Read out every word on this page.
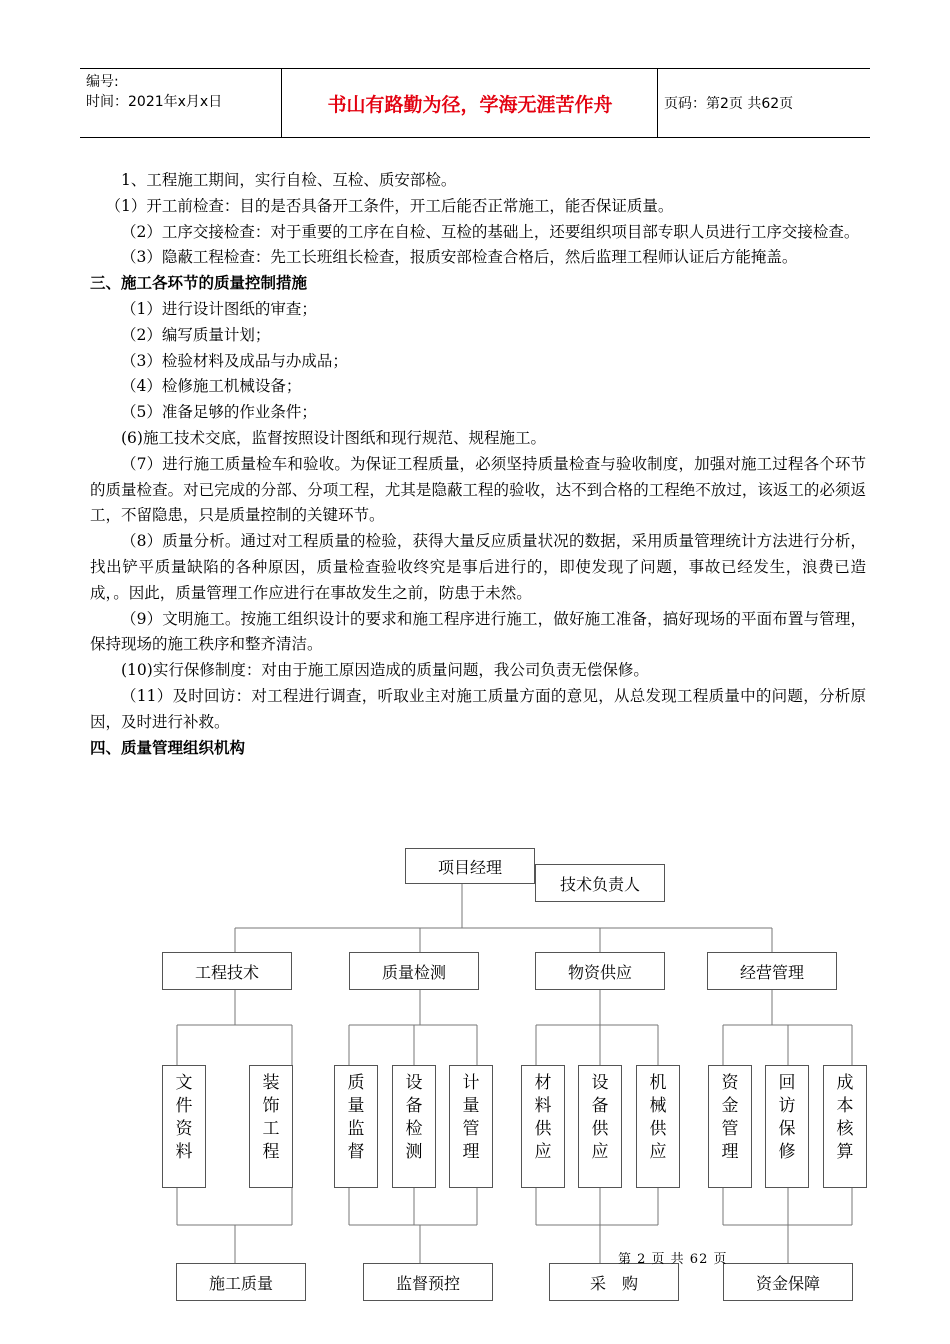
编号:
时间：2021年x月x日	书山有路勤为径，学海无涯苦作舟	页码：第2页 共62页

1、工程施工期间，实行自检、互检、质安部检。

（1）开工前检查：目的是否具备开工条件，开工后能否正常施工，能否保证质量。

（2）工序交接检查：对于重要的工序在自检、互检的基础上，还要组织项目部专职人员进行工序交接检查。

（3）隐蔽工程检查：先工长班组长检查，报质安部检查合格后，然后监理工程师认证后方能掩盖。

三、施工各环节的质量控制措施

（1）进行设计图纸的审查；

（2）编写质量计划；

（3）检验材料及成品与办成品；

（4）检修施工机械设备；

（5）准备足够的作业条件；

(6)施工技术交底，监督按照设计图纸和现行规范、规程施工。

（7）进行施工质量检车和验收。为保证工程质量，必须坚持质量检查与验收制度，加强对施工过程各个环节的质量检查。对已完成的分部、分项工程，尤其是隐蔽工程的验收，达不到合格的工程绝不放过，该返工的必须返工，不留隐患，只是质量控制的关键环节。

（8）质量分析。通过对工程质量的检验，获得大量反应质量状况的数据，采用质量管理统计方法进行分析，找出铲平质量缺陷的各种原因，质量检查验收终究是事后进行的，即使发现了问题，事故已经发生，浪费已造成，。因此，质量管理工作应进行在事故发生之前，防患于未然。

（9）文明施工。按施工组织设计的要求和施工程序进行施工，做好施工准备，搞好现场的平面布置与管理，保持现场的施工秩序和整齐清洁。

(10)实行保修制度：对由于施工原因造成的质量问题，我公司负责无偿保修。

（11）及时回访：对工程进行调查，听取业主对施工质量方面的意见，从总发现工程质量中的问题，分析原因，及时进行补救。

四、质量管理组织机构

项目经理
技术负责人
工程技术	质量检测	物资供应	经营管理
文件资料
装饰工程
质量监督
设备检测
计量管理
材料供应
设备供应
机械供应
资金管理
回访保修
成本核算
施工质量	监督预控	采　购	资金保障
第 2 页 共 62 页
